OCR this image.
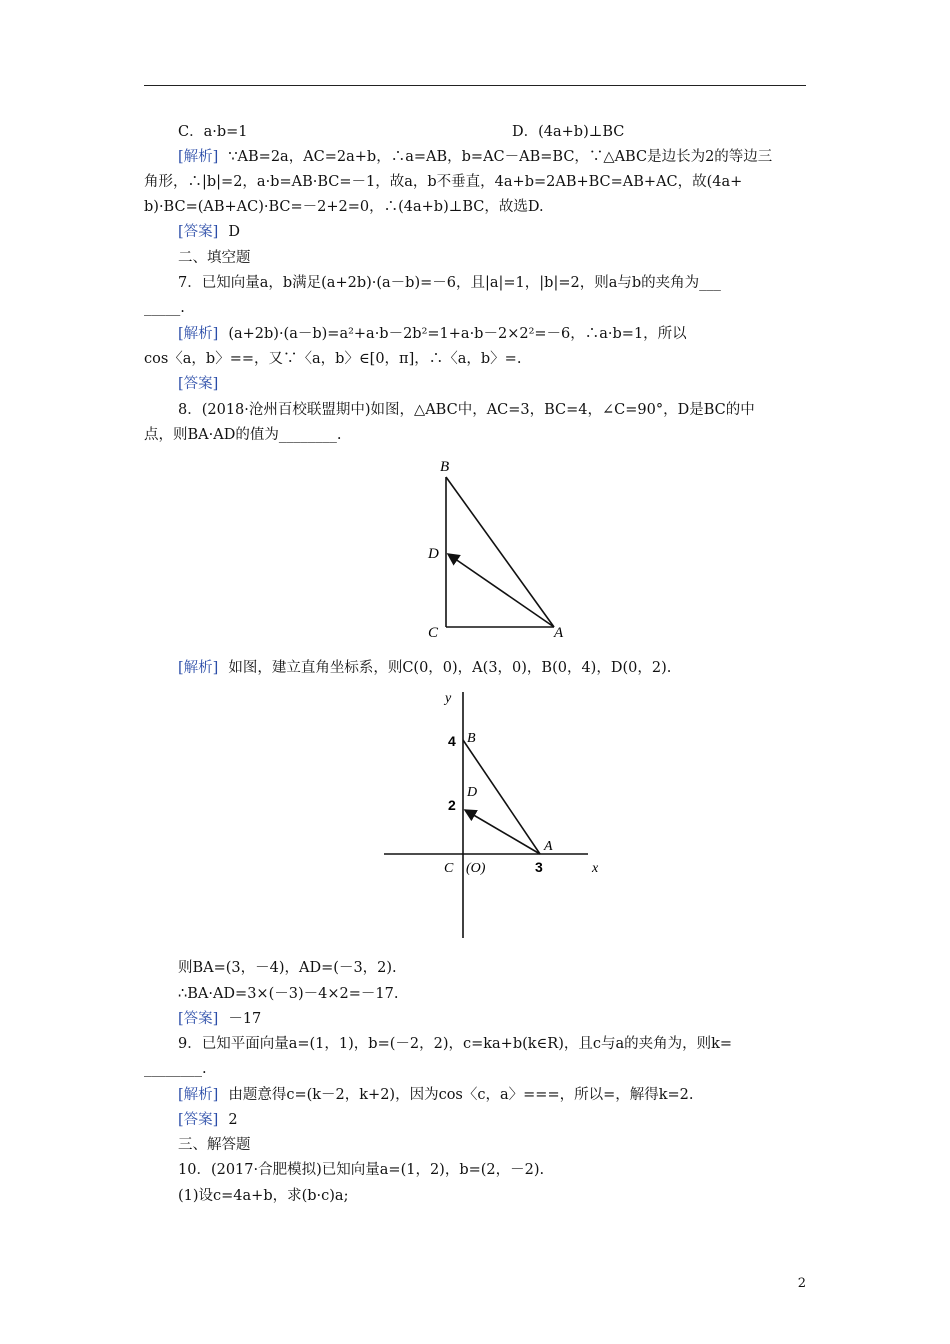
C．a·b=1	D．(4a+b)⊥BC
[解析] ∵AB=2a，AC=2a+b，∴a=AB，b=AC－AB=BC，∵△ABC是边长为2的等边三
角形，∴|b|=2，a·b=AB·BC=－1，故a，b不垂直，4a+b=2AB+BC=AB+AC，故(4a+
b)·BC=(AB+AC)·BC=－2+2=0，∴(4a+b)⊥BC，故选D.
[答案] D
二、填空题
7．已知向量a，b满足(a+2b)·(a－b)=－6，且|a|=1，|b|=2，则a与b的夹角为___
_____.
[解析] (a+2b)·(a－b)=a²+a·b－2b²=1+a·b－2×2²=－6，∴a·b=1，所以
cos〈a，b〉==，又∵〈a，b〉∈[0，π]，∴〈a，b〉=.
[答案]
8．(2018·沧州百校联盟期中)如图，△ABC中，AC=3，BC=4，∠C=90°，D是BC的中
点，则BA·AD的值为________.
B
D
C	A
[解析] 如图，建立直角坐标系，则C(0，0)，A(3，0)，B(0，4)，D(0，2).
y
x
4
2
3
B
D
A
C (O)
则BA=(3，－4)，AD=(－3，2).
∴BA·AD=3×(－3)－4×2=－17.
[答案] －17
9．已知平面向量a=(1，1)，b=(－2，2)，c=ka+b(k∈R)，且c与a的夹角为，则k=
________.
[解析] 由题意得c=(k－2，k+2)，因为cos〈c，a〉===，所以=，解得k=2.
[答案] 2
三、解答题
10．(2017·合肥模拟)已知向量a=(1，2)，b=(2，－2).
(1)设c=4a+b，求(b·c)a;
2
